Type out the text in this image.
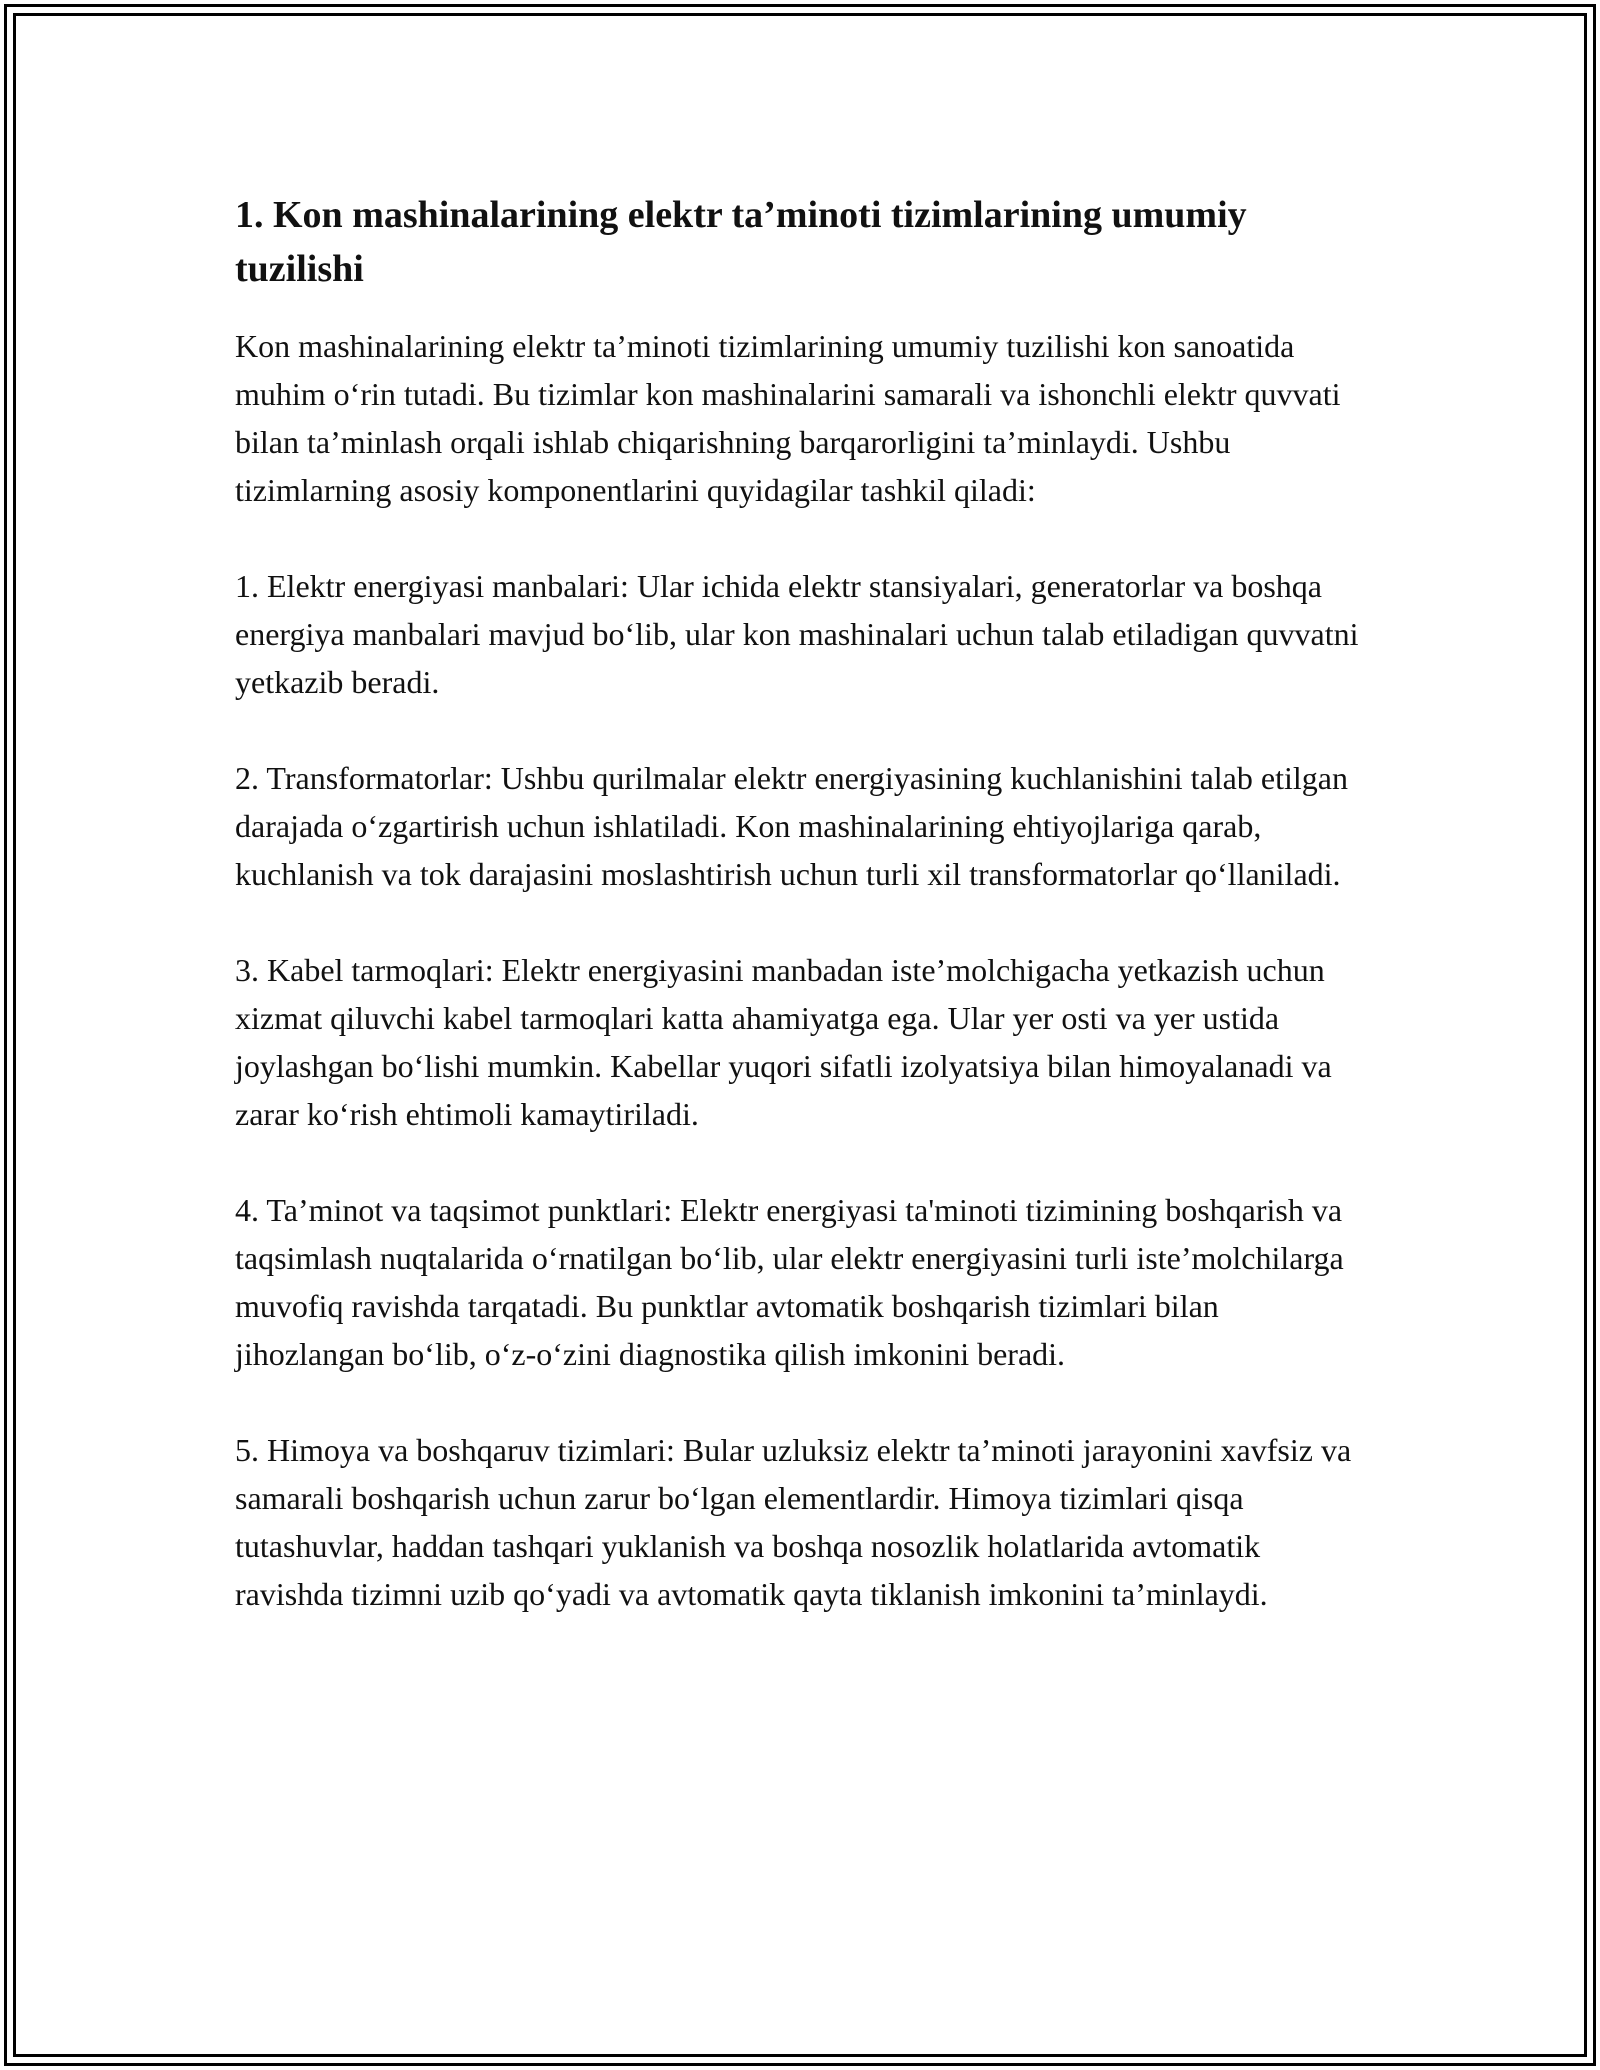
1. Kon mashinalarining elektr ta’minoti tizimlarining umumiy tuzilishi

Kon mashinalarining elektr ta’minoti tizimlarining umumiy tuzilishi kon sanoatida muhim o‘rin tutadi. Bu tizimlar kon mashinalarini samarali va ishonchli elektr quvvati bilan ta’minlash orqali ishlab chiqarishning barqarorligini ta’minlaydi. Ushbu tizimlarning asosiy komponentlarini quyidagilar tashkil qiladi:

1. Elektr energiyasi manbalari: Ular ichida elektr stansiyalari, generatorlar va boshqa energiya manbalari mavjud bo‘lib, ular kon mashinalari uchun talab etiladigan quvvatni yetkazib beradi.

2. Transformatorlar: Ushbu qurilmalar elektr energiyasining kuchlanishini talab etilgan darajada o‘zgartirish uchun ishlatiladi. Kon mashinalarining ehtiyojlariga qarab, kuchlanish va tok darajasini moslashtirish uchun turli xil transformatorlar qo‘llaniladi.

3. Kabel tarmoqlari: Elektr energiyasini manbadan iste’molchigacha yetkazish uchun xizmat qiluvchi kabel tarmoqlari katta ahamiyatga ega. Ular yer osti va yer ustida joylashgan bo‘lishi mumkin. Kabellar yuqori sifatli izolyatsiya bilan himoyalanadi va zarar ko‘rish ehtimoli kamaytiriladi.

4. Ta’minot va taqsimot punktlari: Elektr energiyasi ta'minoti tizimining boshqarish va taqsimlash nuqtalarida o‘rnatilgan bo‘lib, ular elektr energiyasini turli iste’molchilarga muvofiq ravishda tarqatadi. Bu punktlar avtomatik boshqarish tizimlari bilan jihozlangan bo‘lib, o‘z-o‘zini diagnostika qilish imkonini beradi.

5. Himoya va boshqaruv tizimlari: Bular uzluksiz elektr ta’minoti jarayonini xavfsiz va samarali boshqarish uchun zarur bo‘lgan elementlardir. Himoya tizimlari qisqa tutashuvlar, haddan tashqari yuklanish va boshqa nosozlik holatlarida avtomatik ravishda tizimni uzib qo‘yadi va avtomatik qayta tiklanish imkonini ta’minlaydi.
